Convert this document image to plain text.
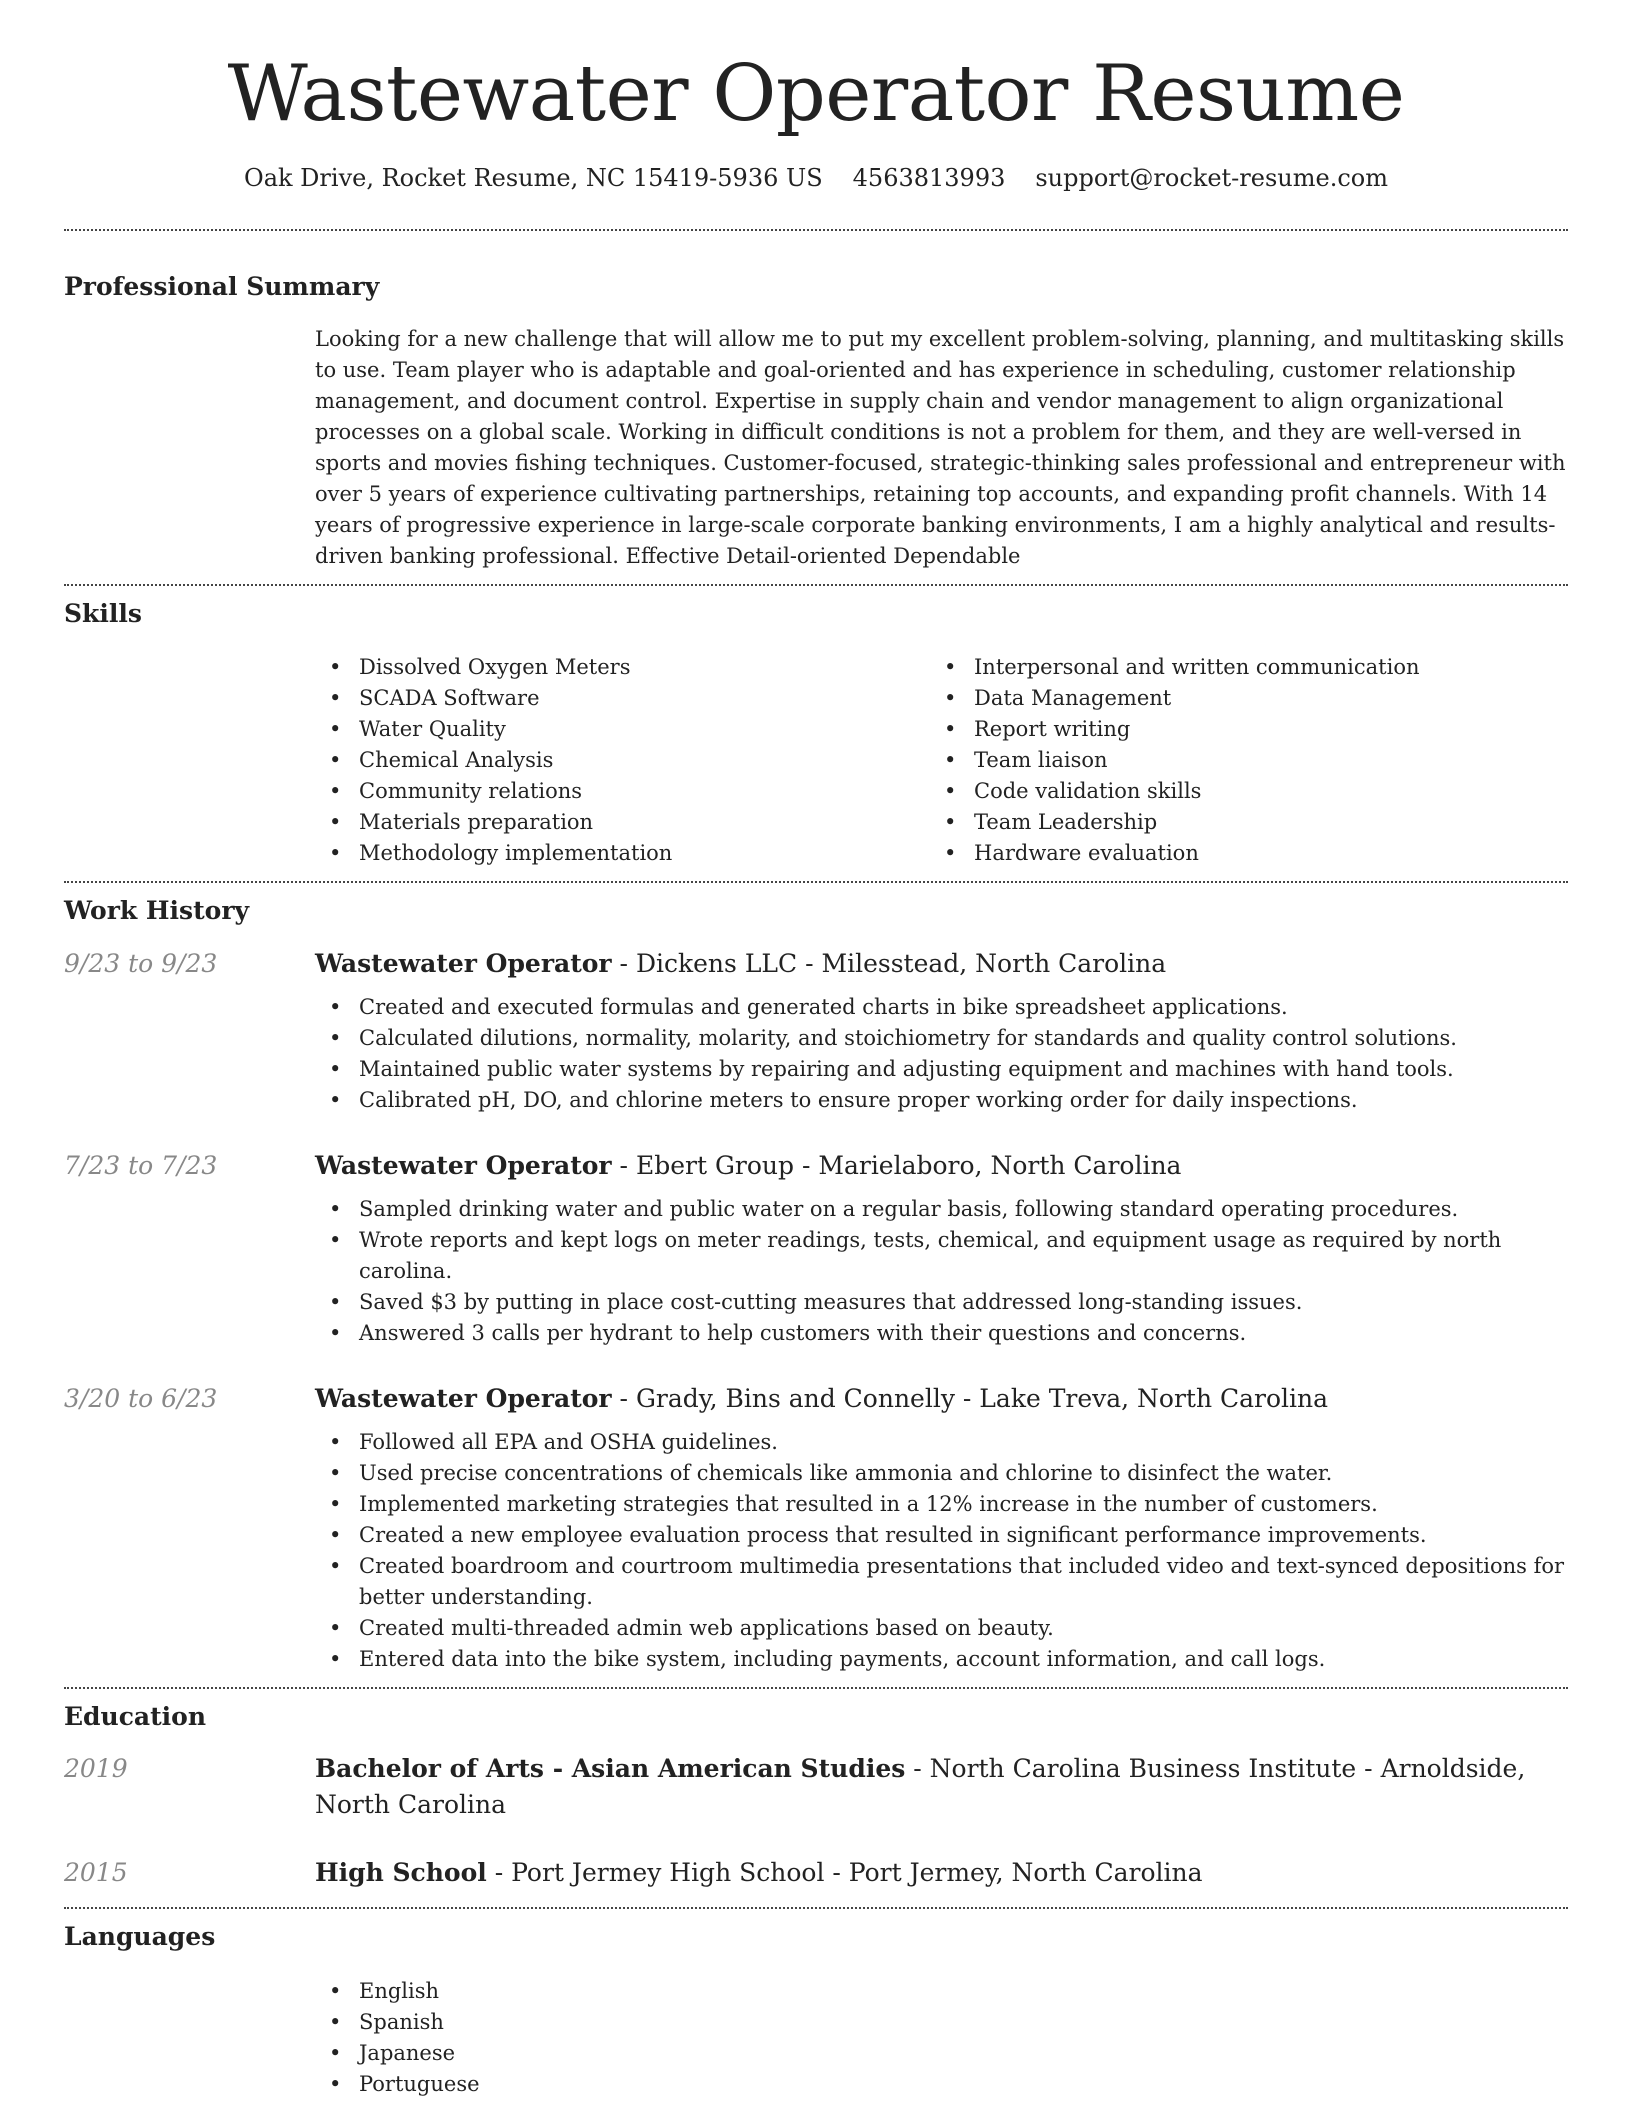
Wastewater Operator Resume
Oak Drive, Rocket Resume, NC 15419-5936 US 4563813993 support@rocket-resume.com
Professional Summary

Looking for a new challenge that will allow me to put my excellent problem-solving, planning, and multitasking skills to use. Team player who is adaptable and goal-oriented and has experience in scheduling, customer relationship management, and document control. Expertise in supply chain and vendor management to align organizational processes on a global scale. Working in difficult conditions is not a problem for them, and they are well-versed in sports and movies fishing techniques. Customer-focused, strategic-thinking sales professional and entrepreneur with over 5 years of experience cultivating partnerships, retaining top accounts, and expanding profit channels. With 14 years of progressive experience in large-scale corporate banking environments, I am a highly analytical and results-driven banking professional. Effective Detail-oriented Dependable

Skills
• Dissolved Oxygen Meters
• SCADA Software
• Water Quality
• Chemical Analysis
• Community relations
• Materials preparation
• Methodology implementation
• Interpersonal and written communication
• Data Management
• Report writing
• Team liaison
• Code validation skills
• Team Leadership
• Hardware evaluation
Work History
9/23 to 9/23	Wastewater Operator - Dickens LLC - Milesstead, North Carolina
• Created and executed formulas and generated charts in bike spreadsheet applications.
• Calculated dilutions, normality, molarity, and stoichiometry for standards and quality control solutions.
• Maintained public water systems by repairing and adjusting equipment and machines with hand tools.
• Calibrated pH, DO, and chlorine meters to ensure proper working order for daily inspections.
7/23 to 7/23	Wastewater Operator - Ebert Group - Marielaboro, North Carolina
• Sampled drinking water and public water on a regular basis, following standard operating procedures.
• Wrote reports and kept logs on meter readings, tests, chemical, and equipment usage as required by north carolina.
• Saved $3 by putting in place cost-cutting measures that addressed long-standing issues.
• Answered 3 calls per hydrant to help customers with their questions and concerns.
3/20 to 6/23	Wastewater Operator - Grady, Bins and Connelly - Lake Treva, North Carolina
• Followed all EPA and OSHA guidelines.
• Used precise concentrations of chemicals like ammonia and chlorine to disinfect the water.
• Implemented marketing strategies that resulted in a 12% increase in the number of customers.
• Created a new employee evaluation process that resulted in significant performance improvements.
• Created boardroom and courtroom multimedia presentations that included video and text-synced depositions for better understanding.
• Created multi-threaded admin web applications based on beauty.
• Entered data into the bike system, including payments, account information, and call logs.
Education
2019	Bachelor of Arts - Asian American Studies - North Carolina Business Institute - Arnoldside, North Carolina
2015	High School - Port Jermey High School - Port Jermey, North Carolina
Languages
• English
• Spanish
• Japanese
• Portuguese
